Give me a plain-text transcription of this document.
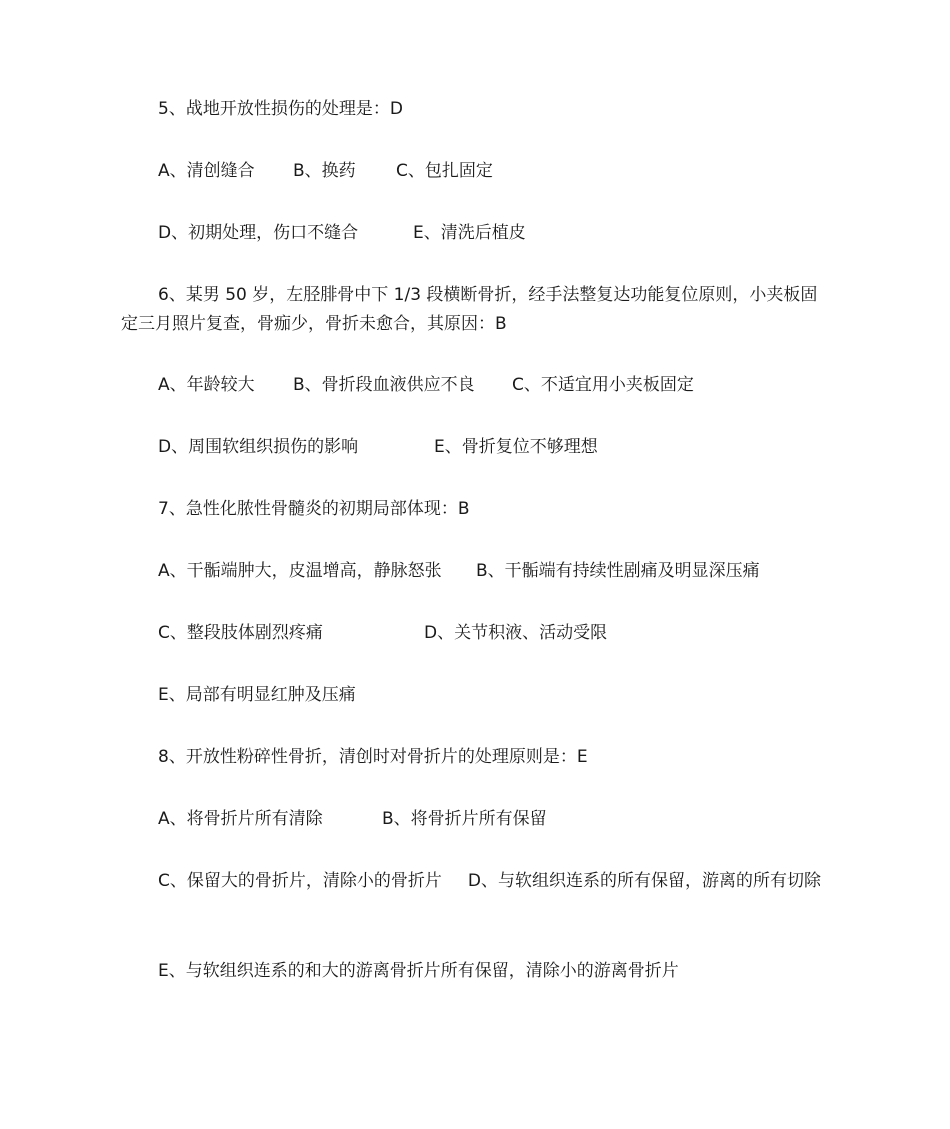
5、战地开放性损伤的处理是：D
A、清创缝合 B、换药 C、包扎固定
D、初期处理，伤口不缝合	E、清洗后植皮
6、某男 50 岁，左胫腓骨中下 1/3 段横断骨折，经手法整复达功能复位原则，小夹板固定三月照片复查，骨痂少，骨折未愈合，其原因：B
A、年龄较大 B、骨折段血液供应不良 C、不适宜用小夹板固定
D、周围软组织损伤的影响	E、骨折复位不够理想
7、急性化脓性骨髓炎的初期局部体现：B
A、干骺端肿大，皮温增高，静脉怒张 B、干骺端有持续性剧痛及明显深压痛
C、整段肢体剧烈疼痛	D、关节积液、活动受限
E、局部有明显红肿及压痛
8、开放性粉碎性骨折，清创时对骨折片的处理原则是：E
A、将骨折片所有清除	B、将骨折片所有保留
C、保留大的骨折片，清除小的骨折片 D、与软组织连系的所有保留，游离的所有切除
E、与软组织连系的和大的游离骨折片所有保留，清除小的游离骨折片
